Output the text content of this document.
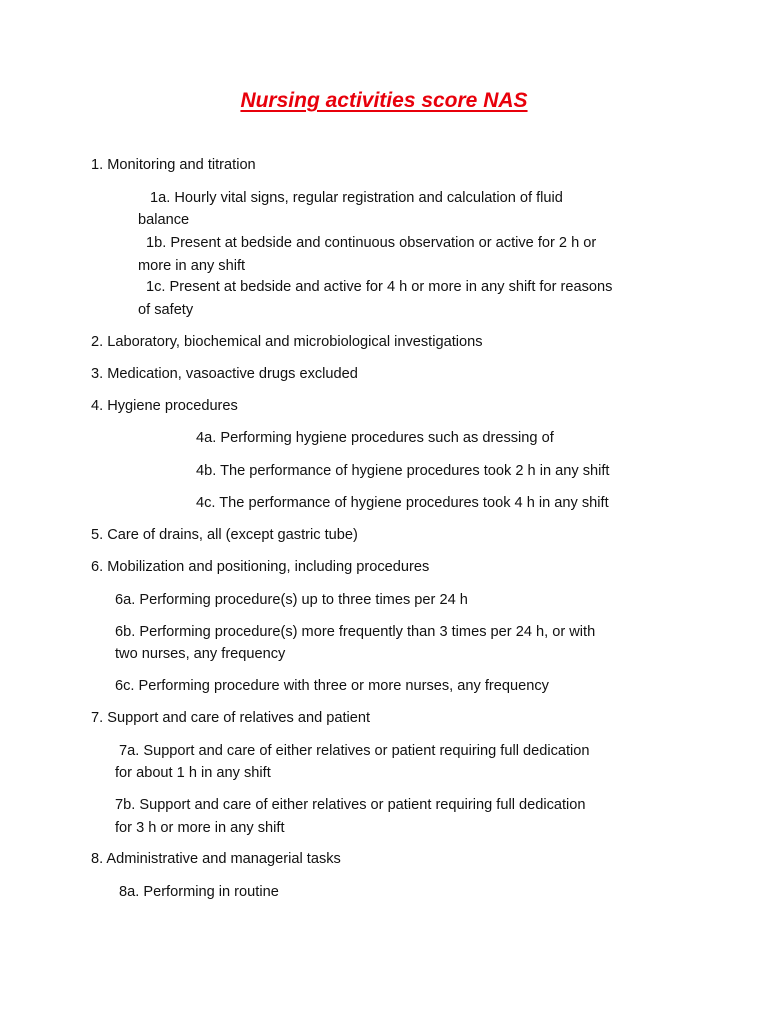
Nursing activities score NAS
1. Monitoring and titration
1a. Hourly vital signs, regular registration and calculation of fluid
balance
1b. Present at bedside and continuous observation or active for 2 h or
more in any shift
1c. Present at bedside and active for 4 h or more in any shift for reasons
of safety
2. Laboratory, biochemical and microbiological investigations
3. Medication, vasoactive drugs excluded
4. Hygiene procedures
4a. Performing hygiene procedures such as dressing of
4b. The performance of hygiene procedures took 2 h in any shift
4c. The performance of hygiene procedures took 4 h in any shift
5. Care of drains, all (except gastric tube)
6. Mobilization and positioning, including procedures
6a. Performing procedure(s) up to three times per 24 h
6b. Performing procedure(s) more frequently than 3 times per 24 h, or with
two nurses, any frequency
6c. Performing procedure with three or more nurses, any frequency
7. Support and care of relatives and patient
7a. Support and care of either relatives or patient requiring full dedication
for about 1 h in any shift
7b. Support and care of either relatives or patient requiring full dedication
for 3 h or more in any shift
8. Administrative and managerial tasks
8a. Performing in routine
